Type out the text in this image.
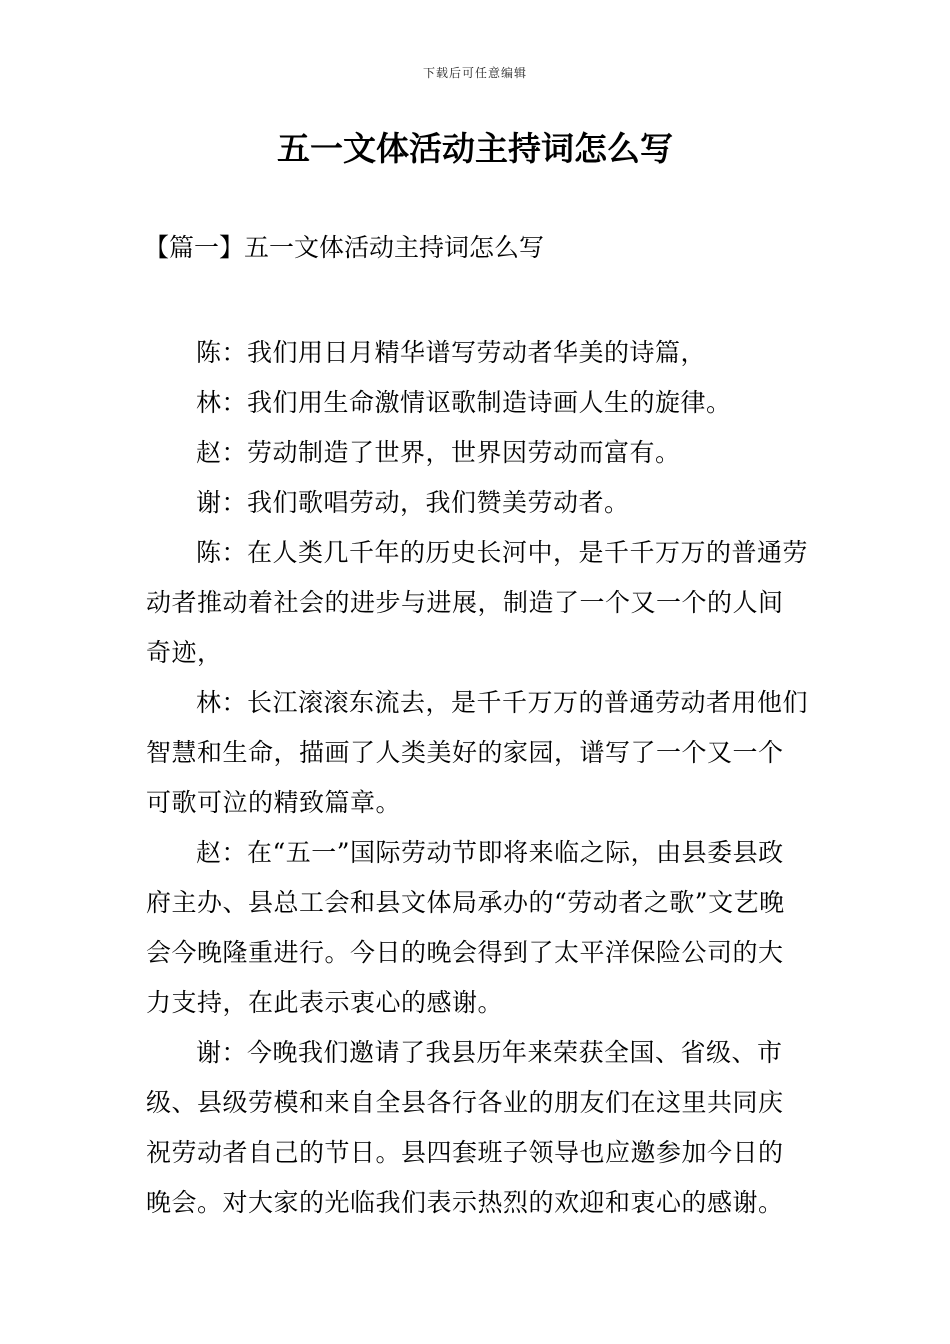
下载后可任意编辑
五一文体活动主持词怎么写
【篇一】五一文体活动主持词怎么写

陈：我们用日月精华谱写劳动者华美的诗篇，

林：我们用生命激情讴歌制造诗画人生的旋律。

赵：劳动制造了世界，世界因劳动而富有。

谢：我们歌唱劳动，我们赞美劳动者。

陈：在人类几千年的历史长河中，是千千万万的普通劳动者推动着社会的进步与进展，制造了一个又一个的人间奇迹，

林：长江滚滚东流去，是千千万万的普通劳动者用他们智慧和生命，描画了人类美好的家园，谱写了一个又一个可歌可泣的精致篇章。

赵：在“五一”国际劳动节即将来临之际，由县委县政府主办、县总工会和县文体局承办的“劳动者之歌”文艺晚会今晚隆重进行。今日的晚会得到了太平洋保险公司的大力支持，在此表示衷心的感谢。

谢：今晚我们邀请了我县历年来荣获全国、省级、市级、县级劳模和来自全县各行各业的朋友们在这里共同庆祝劳动者自己的节日。县四套班子领导也应邀参加今日的晚会。对大家的光临我们表示热烈的欢迎和衷心的感谢。
